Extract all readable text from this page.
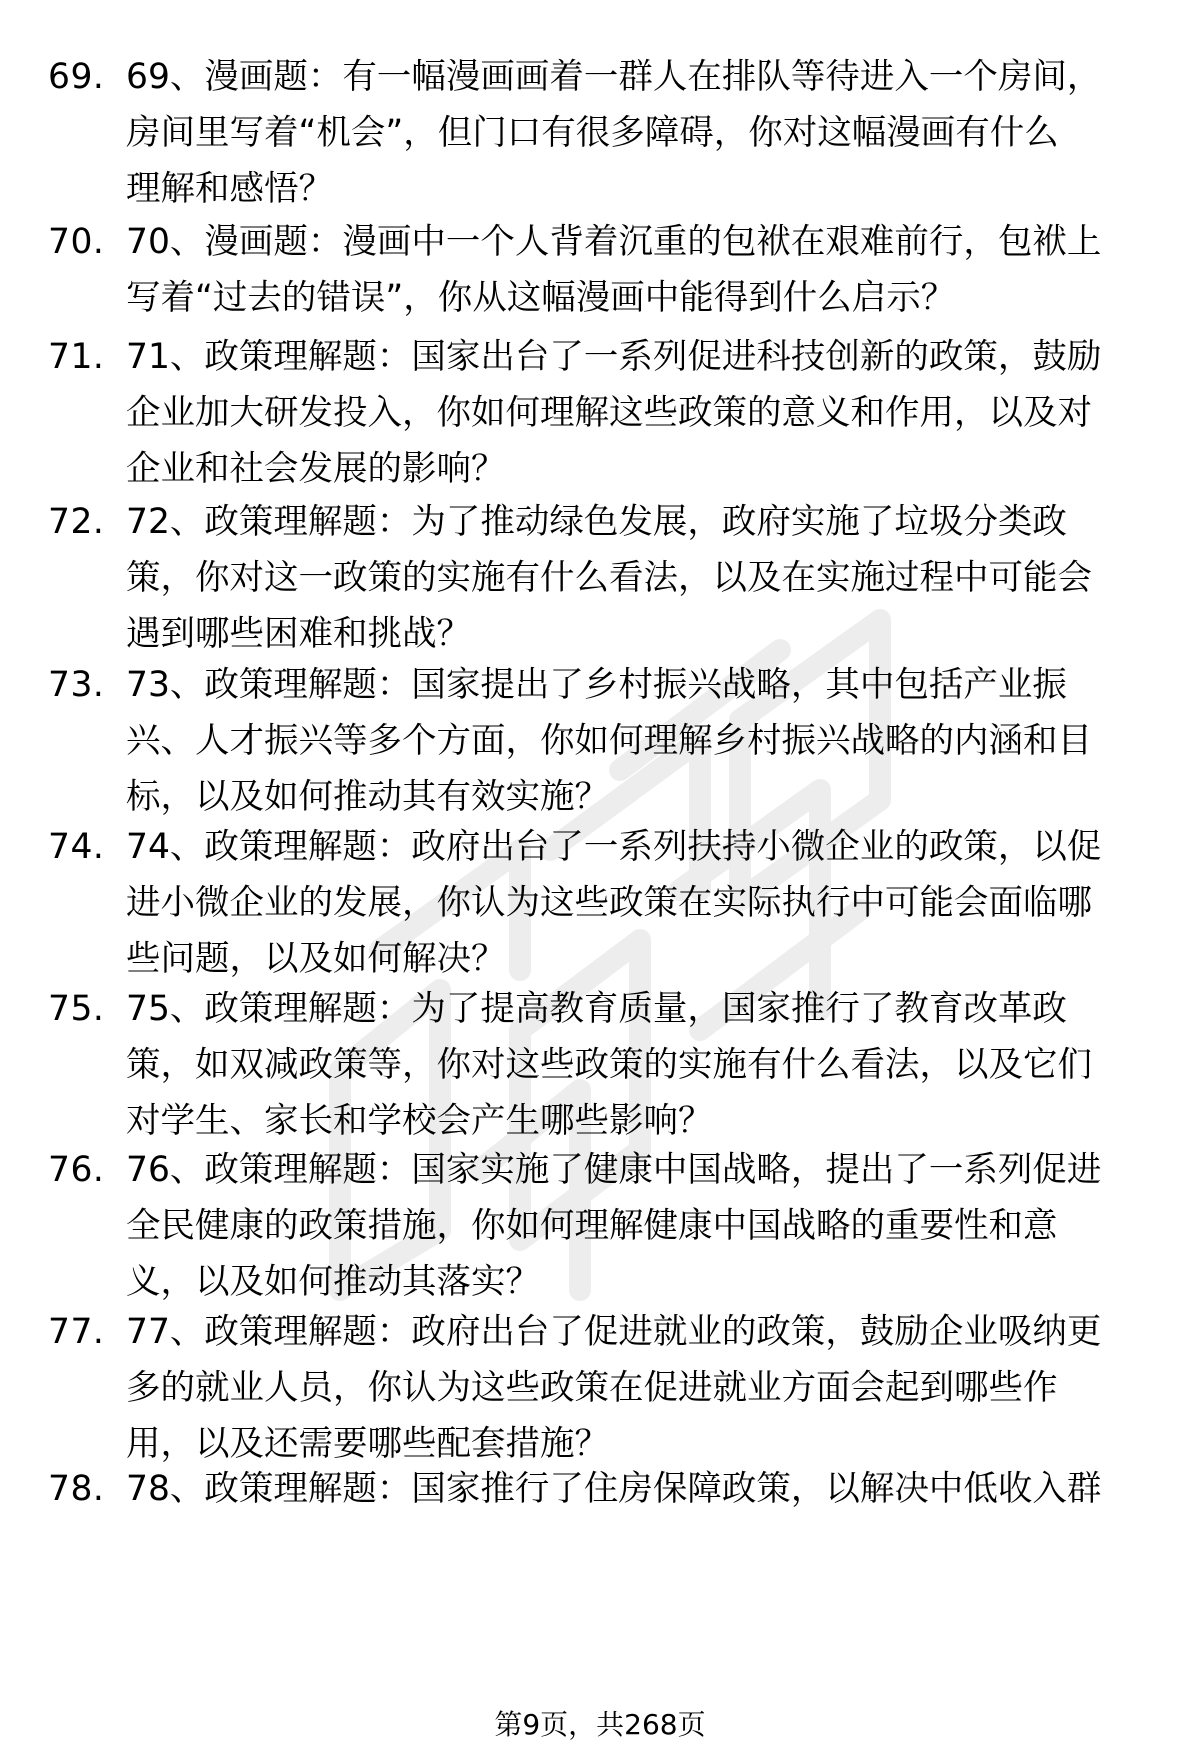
69. 69、漫画题：有一幅漫画画着一群人在排队等待进入一个房间，
房间里写着“机会”，但门口有很多障碍，你对这幅漫画有什么
理解和感悟？
70. 70、漫画题：漫画中一个人背着沉重的包袱在艰难前行，包袱上
写着“过去的错误”，你从这幅漫画中能得到什么启示？
71. 71、政策理解题：国家出台了一系列促进科技创新的政策，鼓励
企业加大研发投入，你如何理解这些政策的意义和作用，以及对
企业和社会发展的影响？
72. 72、政策理解题：为了推动绿色发展，政府实施了垃圾分类政
策，你对这一政策的实施有什么看法，以及在实施过程中可能会
遇到哪些困难和挑战？
73. 73、政策理解题：国家提出了乡村振兴战略，其中包括产业振
兴、人才振兴等多个方面，你如何理解乡村振兴战略的内涵和目
标，以及如何推动其有效实施？
74. 74、政策理解题：政府出台了一系列扶持小微企业的政策，以促
进小微企业的发展，你认为这些政策在实际执行中可能会面临哪
些问题，以及如何解决？
75. 75、政策理解题：为了提高教育质量，国家推行了教育改革政
策，如双减政策等，你对这些政策的实施有什么看法，以及它们
对学生、家长和学校会产生哪些影响？
76. 76、政策理解题：国家实施了健康中国战略，提出了一系列促进
全民健康的政策措施，你如何理解健康中国战略的重要性和意
义，以及如何推动其落实？
77. 77、政策理解题：政府出台了促进就业的政策，鼓励企业吸纳更
多的就业人员，你认为这些政策在促进就业方面会起到哪些作
用，以及还需要哪些配套措施？
78. 78、政策理解题：国家推行了住房保障政策，以解决中低收入群
第9页，共268页
